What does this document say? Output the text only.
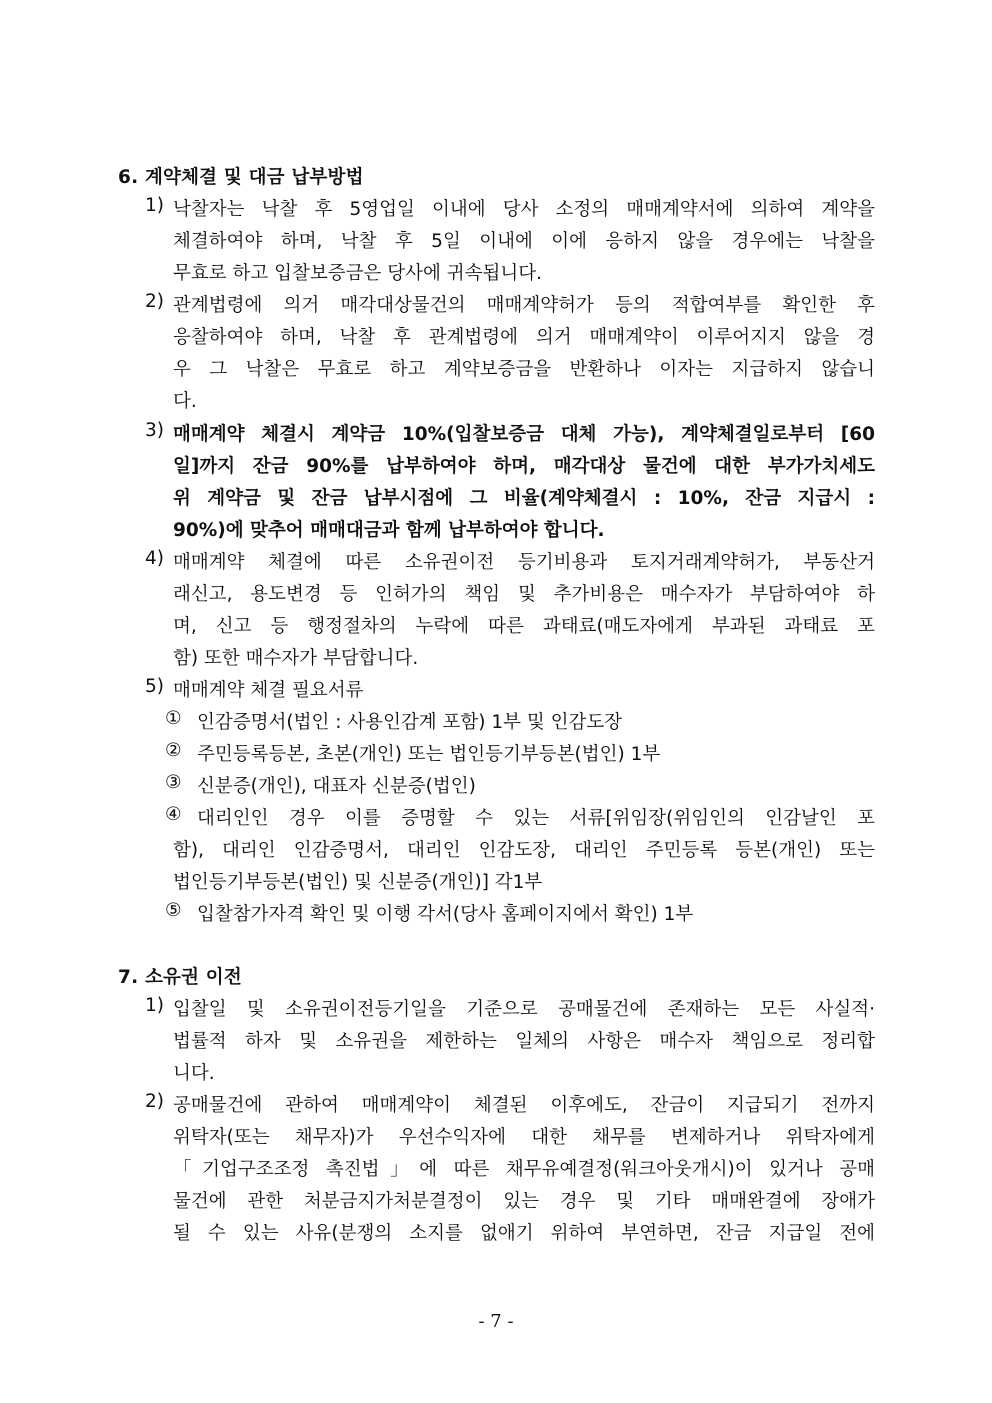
6. 계약체결 및 대금 납부방법
1) 낙찰자는 낙찰 후 5영업일 이내에 당사 소정의 매매계약서에 의하여 계약을
체결하여야 하며, 낙찰 후 5일 이내에 이에 응하지 않을 경우에는 낙찰을
무효로 하고 입찰보증금은 당사에 귀속됩니다.
2) 관계법령에 의거 매각대상물건의 매매계약허가 등의 적합여부를 확인한 후
응찰하여야 하며, 낙찰 후 관계법령에 의거 매매계약이 이루어지지 않을 경
우 그 낙찰은 무효로 하고 계약보증금을 반환하나 이자는 지급하지 않습니
다.
3) 매매계약 체결시 계약금 10%(입찰보증금 대체 가능), 계약체결일로부터 [60
일]까지 잔금 90%를 납부하여야 하며, 매각대상 물건에 대한 부가가치세도
위 계약금 및 잔금 납부시점에 그 비율(계약체결시 : 10%, 잔금 지급시 :
90%)에 맞추어 매매대금과 함께 납부하여야 합니다.
4) 매매계약 체결에 따른 소유권이전 등기비용과 토지거래계약허가, 부동산거
래신고, 용도변경 등 인허가의 책임 및 추가비용은 매수자가 부담하여야 하
며, 신고 등 행정절차의 누락에 따른 과태료(매도자에게 부과된 과태료 포
함) 또한 매수자가 부담합니다.
5) 매매계약 체결 필요서류
① 인감증명서(법인 : 사용인감계 포함) 1부 및 인감도장
② 주민등록등본, 초본(개인) 또는 법인등기부등본(법인) 1부
③ 신분증(개인), 대표자 신분증(법인)
④ 대리인인 경우 이를 증명할 수 있는 서류[위임장(위임인의 인감날인 포
함), 대리인 인감증명서, 대리인 인감도장, 대리인 주민등록 등본(개인) 또는
법인등기부등본(법인) 및 신분증(개인)] 각1부
⑤ 입찰참가자격 확인 및 이행 각서(당사 홈페이지에서 확인) 1부
7. 소유권 이전
1) 입찰일 및 소유권이전등기일을 기준으로 공매물건에 존재하는 모든 사실적·
법률적 하자 및 소유권을 제한하는 일체의 사항은 매수자 책임으로 정리합
니다.
2) 공매물건에 관하여 매매계약이 체결된 이후에도, 잔금이 지급되기 전까지
위탁자(또는 채무자)가 우선수익자에 대한 채무를 변제하거나 위탁자에게
「기업구조조정 촉진법」에 따른 채무유예결정(워크아웃개시)이 있거나 공매
물건에 관한 처분금지가처분결정이 있는 경우 및 기타 매매완결에 장애가
될 수 있는 사유(분쟁의 소지를 없애기 위하여 부연하면, 잔금 지급일 전에
- 7 -
